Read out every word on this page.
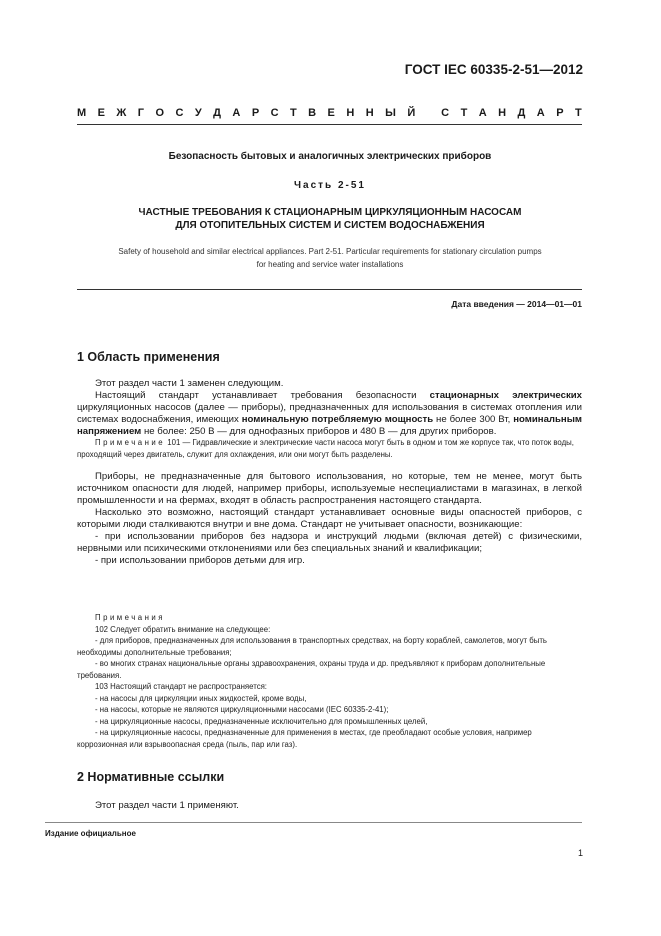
ГОСТ IEC 60335-2-51—2012
М Е Ж Г О С У Д А Р С Т В Е Н Н Ы Й
С Т А Н Д А Р Т
Безопасность бытовых и аналогичных электрических приборов
Часть 2-51
ЧАСТНЫЕ ТРЕБОВАНИЯ К СТАЦИОНАРНЫМ ЦИРКУЛЯЦИОННЫМ НАСОСАМ
ДЛЯ ОТОПИТЕЛЬНЫХ СИСТЕМ И СИСТЕМ ВОДОСНАБЖЕНИЯ
Safety of household and similar electrical appliances. Part 2-51. Particular requirements for stationary circulation pumps
for heating and service water installations
Дата введения — 2014—01—01
1 Область применения

Этот раздел части 1 заменен следующим.

Настоящий стандарт устанавливает требования безопасности стационарных электрических циркуляционных насосов (далее — приборы), предназначенных для использования в системах отопления или системах водоснабжения, имеющих номинальную потребляемую мощность не более 300 Вт, номинальным напряжением не более: 250 В — для однофазных приборов и 480 В — для других приборов.

Примечание 101 — Гидравлические и электрические части насоса могут быть в одном и том же корпусе так, что поток воды, проходящий через двигатель, служит для охлаждения, или они могут быть разделены.

Приборы, не предназначенные для бытового использования, но которые, тем не менее, могут быть источником опасности для людей, например приборы, используемые неспециалистами в магазинах, в легкой промышленности и на фермах, входят в область распространения настоящего стандарта.

Насколько это возможно, настоящий стандарт устанавливает основные виды опасностей приборов, с которыми люди сталкиваются внутри и вне дома. Стандарт не учитывает опасности, возникающие:

- при использовании приборов без надзора и инструкций людьми (включая детей) с физическими, нервными или психическими отклонениями или без специальных знаний и квалификации;

- при использовании приборов детьми для игр.

Примечания

102 Следует обратить внимание на следующее:

- для приборов, предназначенных для использования в транспортных средствах, на борту кораблей, самолетов, могут быть необходимы дополнительные требования;

- во многих странах национальные органы здравоохранения, охраны труда и др. предъявляют к приборам дополнительные требования.

103 Настоящий стандарт не распространяется:

- на насосы для циркуляции иных жидкостей, кроме воды,

- на насосы, которые не являются циркуляционными насосами (IEC 60335-2-41);

- на циркуляционные насосы, предназначенные исключительно для промышленных целей,

- на циркуляционные насосы, предназначенные для применения в местах, где преобладают особые условия, например коррозионная или взрывоопасная среда (пыль, пар или газ).

2 Нормативные ссылки

Этот раздел части 1 применяют.

Издание официальное
1
